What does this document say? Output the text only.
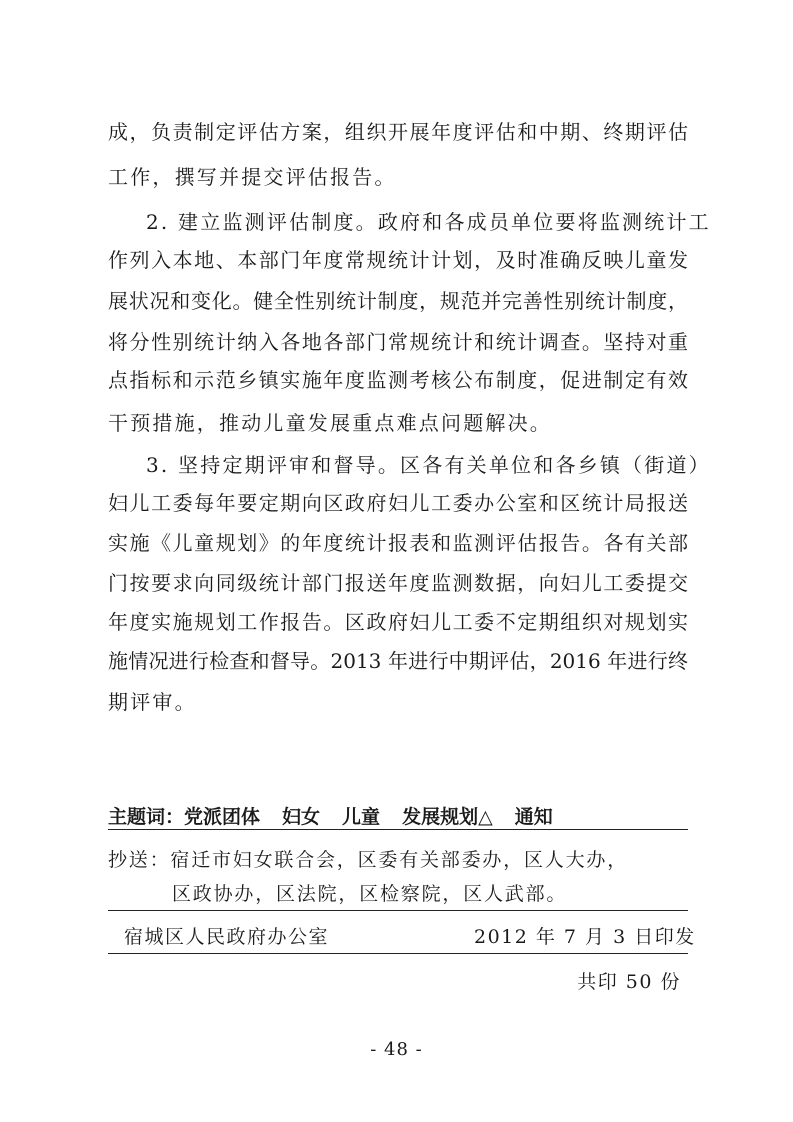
成，负责制定评估方案，组织开展年度评估和中期、终期评估
工作，撰写并提交评估报告。
2. 建立监测评估制度。政府和各成员单位要将监测统计工
作列入本地、本部门年度常规统计计划，及时准确反映儿童发
展状况和变化。健全性别统计制度，规范并完善性别统计制度，
将分性别统计纳入各地各部门常规统计和统计调查。坚持对重
点指标和示范乡镇实施年度监测考核公布制度，促进制定有效
干预措施，推动儿童发展重点难点问题解决。
3. 坚持定期评审和督导。区各有关单位和各乡镇（街道）
妇儿工委每年要定期向区政府妇儿工委办公室和区统计局报送
实施《儿童规划》的年度统计报表和监测评估报告。各有关部
门按要求向同级统计部门报送年度监测数据，向妇儿工委提交
年度实施规划工作报告。区政府妇儿工委不定期组织对规划实
施情况进行检查和督导。2013 年进行中期评估，2016 年进行终
期评审。
主题词：党派团体 妇女 儿童 发展规划△ 通知
抄送：宿迁市妇女联合会，区委有关部委办，区人大办，
区政协办，区法院，区检察院，区人武部。
宿城区人民政府办公室	2012 年 7 月 3 日印发
共印 50 份
- 48 -
